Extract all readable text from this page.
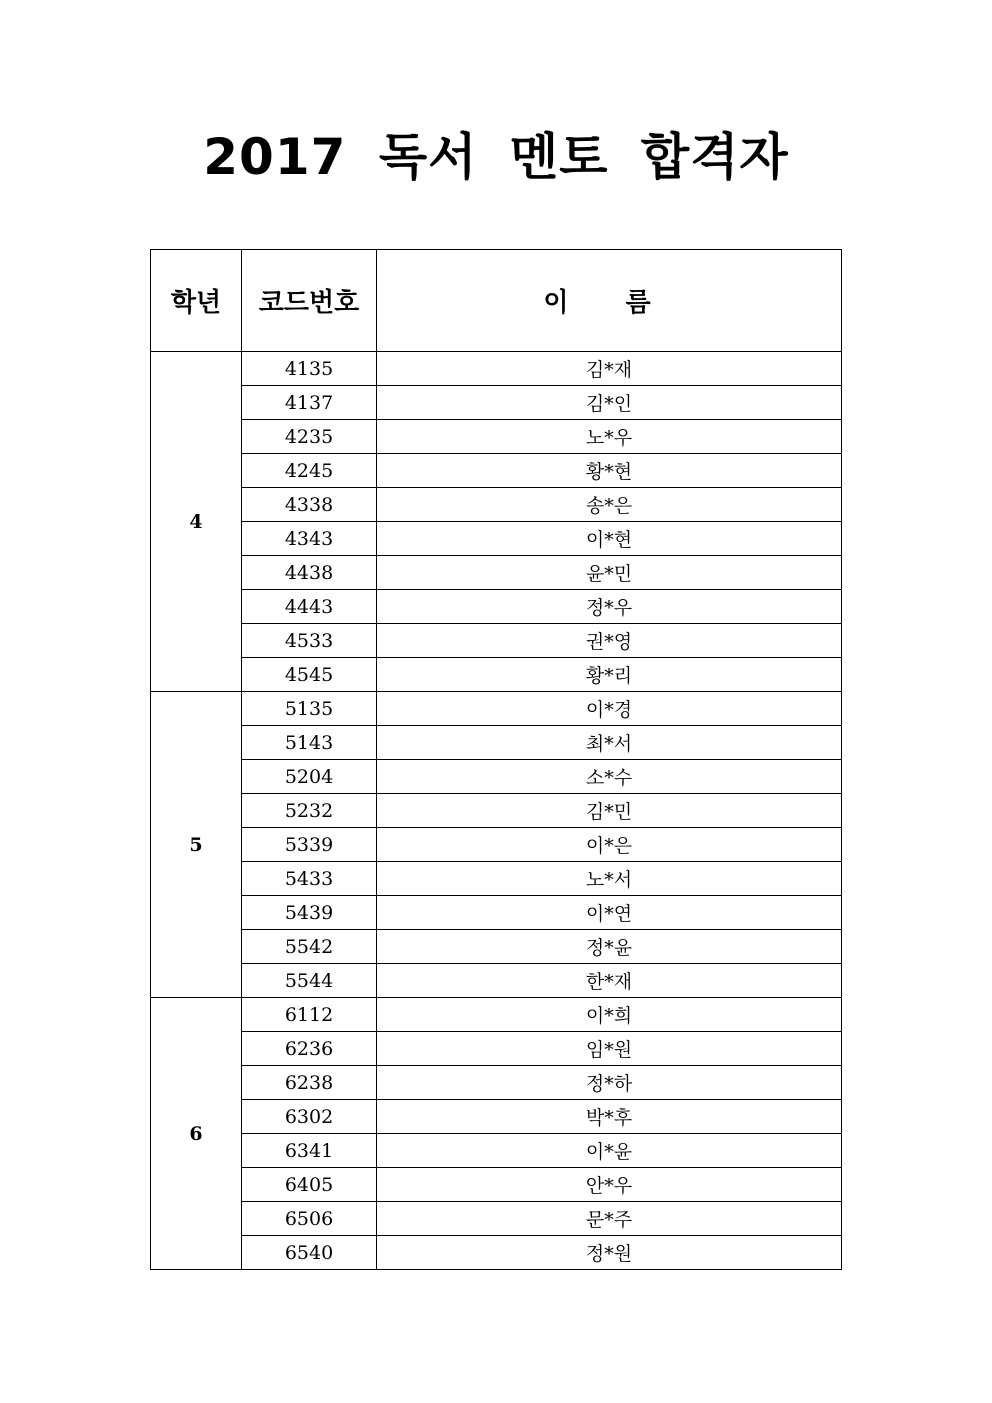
2017 독서 멘토 합격자
학년	코드번호	이 름
4	4135	김*재
	4137	김*인
	4235	노*우
	4245	황*현
	4338	송*은
	4343	이*현
	4438	윤*민
	4443	정*우
	4533	권*영
	4545	황*리
5	5135	이*경
	5143	최*서
	5204	소*수
	5232	김*민
	5339	이*은
	5433	노*서
	5439	이*연
	5542	정*윤
	5544	한*재
6	6112	이*희
	6236	임*원
	6238	정*하
	6302	박*후
	6341	이*윤
	6405	안*우
	6506	문*주
	6540	정*원
